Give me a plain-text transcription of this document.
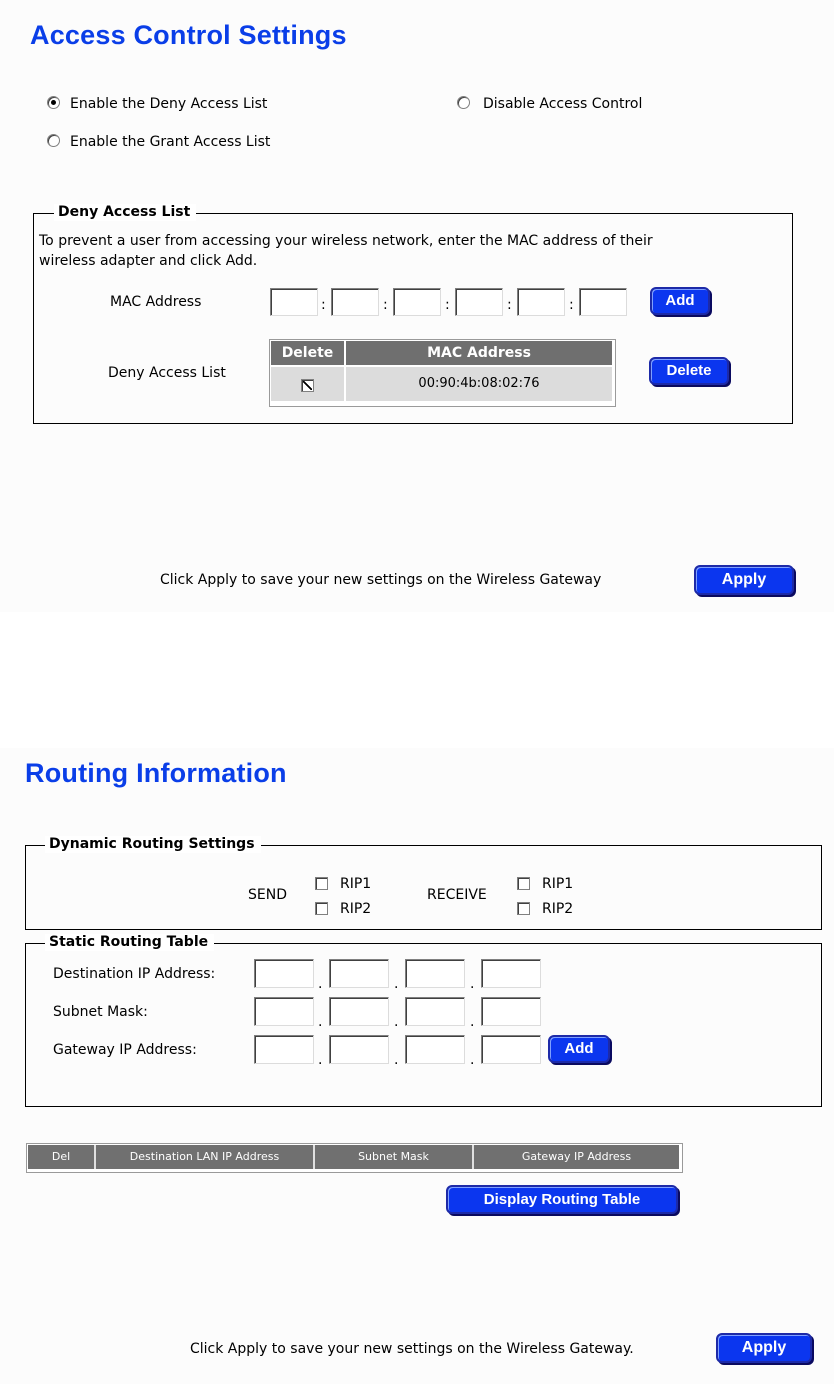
Access Control Settings
Enable the Deny Access List	Disable Access Control
Enable the Grant Access List
Deny Access List
To prevent a user from accessing your wireless network, enter the MAC address of their
wireless adapter and click Add.
MAC Address	:	:	:	:	:	Add
Deny Access List
Delete	MAC Address
00:90:4b:08:02:76
Delete
Click Apply to save your new settings on the Wireless Gateway	Apply
Routing Information
Dynamic Routing Settings
SEND
RIP1
RIP2
RECEIVE
RIP1
RIP2
Static Routing Table
Destination IP Address:
.	.	.
Subnet Mask:
.	.	.
Gateway IP Address:
.	.	.
Add
Del	Destination LAN IP Address	Subnet Mask	Gateway IP Address
Display Routing Table
Click Apply to save your new settings on the Wireless Gateway.	Apply
